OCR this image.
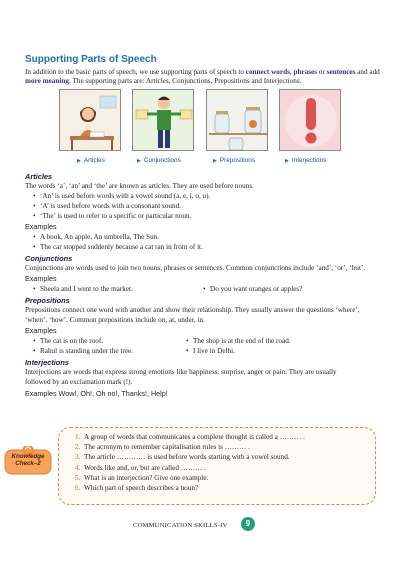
Supporting Parts of Speech
In addition to the basic parts of speech, we use supporting parts of speech to connect words, phrases or sentences and add more meaning. The supporting parts are: Articles, Conjunctions, Prepositions and Interjections.
▶ Articles	▶ Conjunctions	▶ Prepositions	▶ Interjections
Articles
The words ‘a’, ‘an’ and ‘the’ are known as articles. They are used before nouns.
• ‘An’ is used before words with a vowel sound (a, e, i, o, u).
• ‘A’ is used before words with a consonant sound.
• ‘The’ is used to refer to a specific or particular noun.
Examples
• A book, An apple, An umbrella, The Sun.
• The car stopped suddenly because a cat ran in front of it.
Conjunctions
Conjunctions are words used to join two nouns, phrases or sentences. Common conjunctions include ‘and’, ‘or’, ‘but’.
Examples
• Sheela and I went to the market.	• Do you want oranges or apples?
Prepositions
Prepositions connect one word with another and show their relationship. They usually answer the questions ‘where’,
‘when’, ‘how’. Common prepositions include on, at, under, in.
Examples
• The cat is on the roof.	• The shop is at the end of the road.
• Rahul is standing under the tree.	• I live in Delhi.
Interjections
Interjections are words that express strong emotions like happiness, surprise, anger or pain. They are usually
followed by an exclamation mark (!).
Examples Wow!, Oh!, Oh no!, Thanks!, Help!
Knowledge
Check–2
1. A group of words that communicates a complete thought is called a ……… .
2. The acronym to remember capitalisation rules is ……… .
3. The article ………… is used before words starting with a vowel sound.
4. Words like and, or, but are called ……… .
5. What is an interjection? Give one example.
6. Which part of speech describes a noun?
COMMUNICATION SKILLS-IV	9
